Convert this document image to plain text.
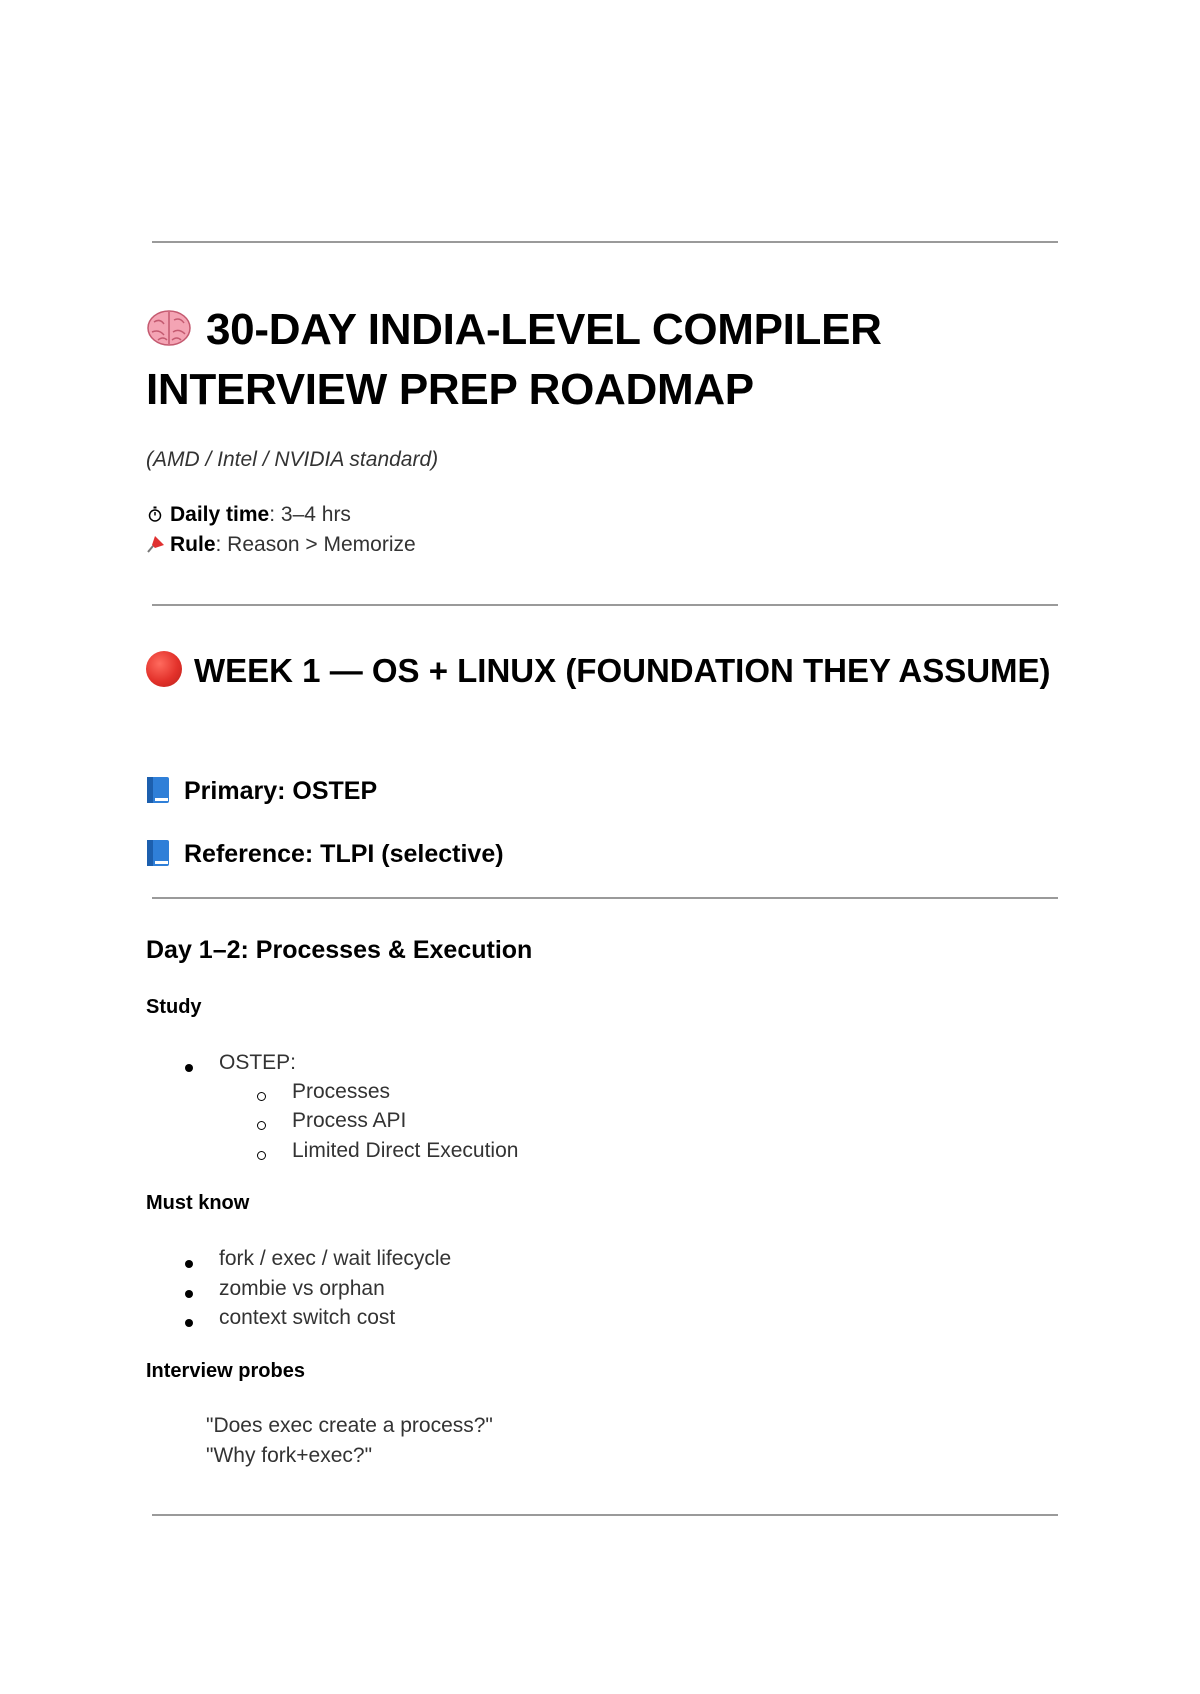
30-DAY INDIA-LEVEL COMPILER INTERVIEW PREP ROADMAP
(AMD / Intel / NVIDIA standard)
Daily time: 3–4 hrs
Rule: Reason > Memorize
WEEK 1 — OS + LINUX (FOUNDATION THEY ASSUME)
Primary: OSTEP
Reference: TLPI (selective)
Day 1–2: Processes & Execution
Study
OSTEP:
Processes
Process API
Limited Direct Execution
Must know
fork / exec / wait lifecycle
zombie vs orphan
context switch cost
Interview probes
"Does exec create a process?"
"Why fork+exec?"
